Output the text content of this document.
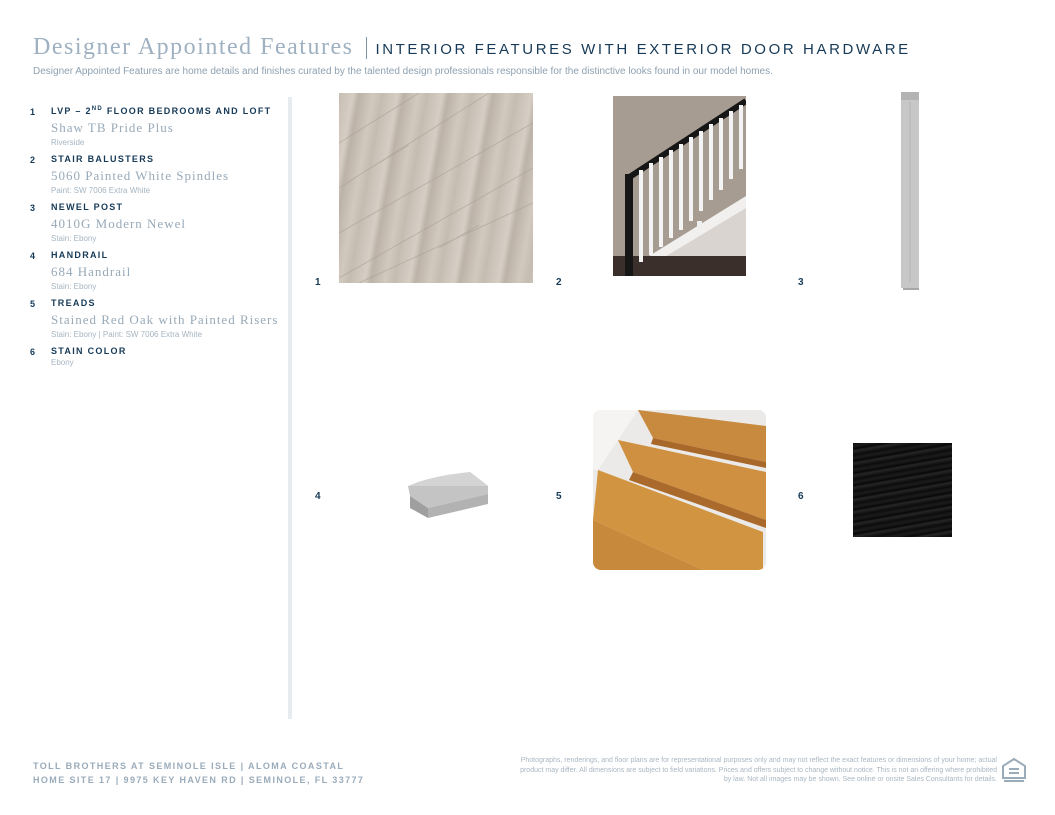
Designer Appointed Features INTERIOR FEATURES WITH EXTERIOR DOOR HARDWARE
Designer Appointed Features are home details and finishes curated by the talented design professionals responsible for the distinctive looks found in our model homes.
1	LVP – 2ND FLOOR BEDROOMS AND LOFT
Shaw TB Pride Plus
Riverside
2	STAIR BALUSTERS
5060 Painted White Spindles
Paint: SW 7006 Extra White
3	NEWEL POST
4010G Modern Newel
Stain: Ebony
4	HANDRAIL
684 Handrail
Stain: Ebony
5	TREADS
Stained Red Oak with Painted Risers
Stain: Ebony | Paint: SW 7006 Extra White
6	STAIN COLOR
Ebony
1	2	3
4	5	6
TOLL BROTHERS AT SEMINOLE ISLE | ALOMA COASTAL
HOME SITE 17 | 9975 KEY HAVEN RD | SEMINOLE, FL 33777
Photographs, renderings, and floor plans are for representational purposes only and may not reflect the exact features or dimensions of your home; actual product may differ. All dimensions are subject to field variations. Prices and offers subject to change without notice. This is not an offering where prohibited by law. Not all images may be shown. See online or onsite Sales Consultants for details.
